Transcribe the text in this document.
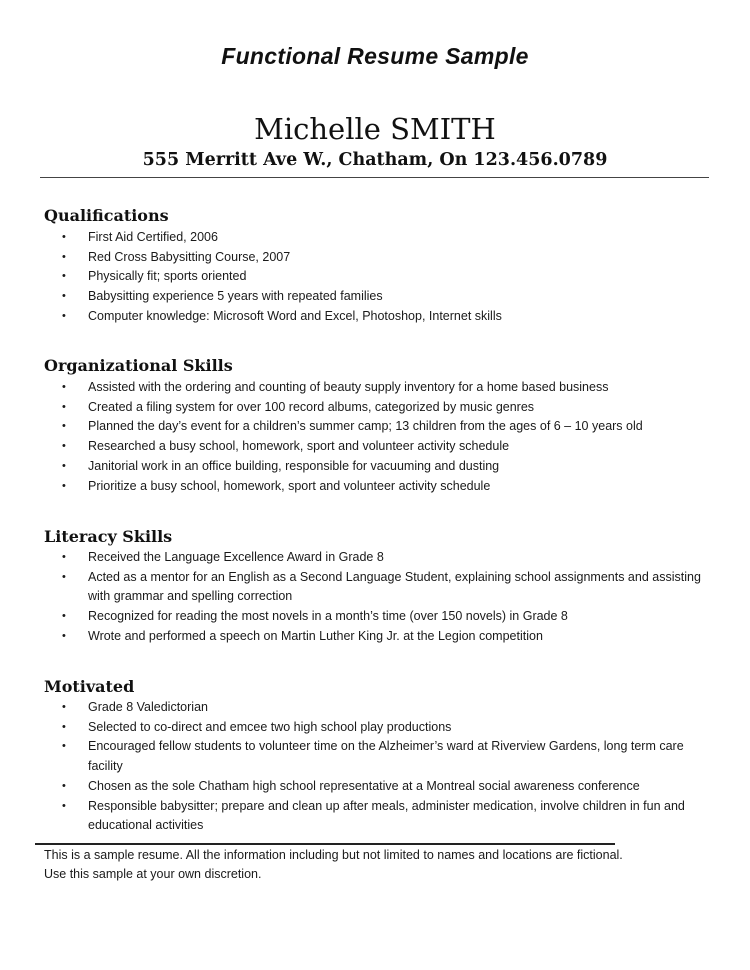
Functional Resume Sample
Michelle SMITH
555 Merritt Ave W., Chatham, On 123.456.0789
Qualifications
• First Aid Certified, 2006
• Red Cross Babysitting Course, 2007
• Physically fit; sports oriented
• Babysitting experience 5 years with repeated families
• Computer knowledge: Microsoft Word and Excel, Photoshop, Internet skills
Organizational Skills
• Assisted with the ordering and counting of beauty supply inventory for a home based business
• Created a filing system for over 100 record albums, categorized by music genres
• Planned the day’s event for a children’s summer camp; 13 children from the ages of 6 – 10 years old
• Researched a busy school, homework, sport and volunteer activity schedule
• Janitorial work in an office building, responsible for vacuuming and dusting
• Prioritize a busy school, homework, sport and volunteer activity schedule
Literacy Skills
• Received the Language Excellence Award in Grade 8
• Acted as a mentor for an English as a Second Language Student, explaining school assignments and assisting with grammar and spelling correction
• Recognized for reading the most novels in a month’s time (over 150 novels) in Grade 8
• Wrote and performed a speech on Martin Luther King Jr. at the Legion competition
Motivated
• Grade 8 Valedictorian
• Selected to co-direct and emcee two high school play productions
• Encouraged fellow students to volunteer time on the Alzheimer’s ward at Riverview Gardens, long term care facility
• Chosen as the sole Chatham high school representative at a Montreal social awareness conference
• Responsible babysitter; prepare and clean up after meals, administer medication, involve children in fun and educational activities
This is a sample resume. All the information including but not limited to names and locations are fictional.
Use this sample at your own discretion.
